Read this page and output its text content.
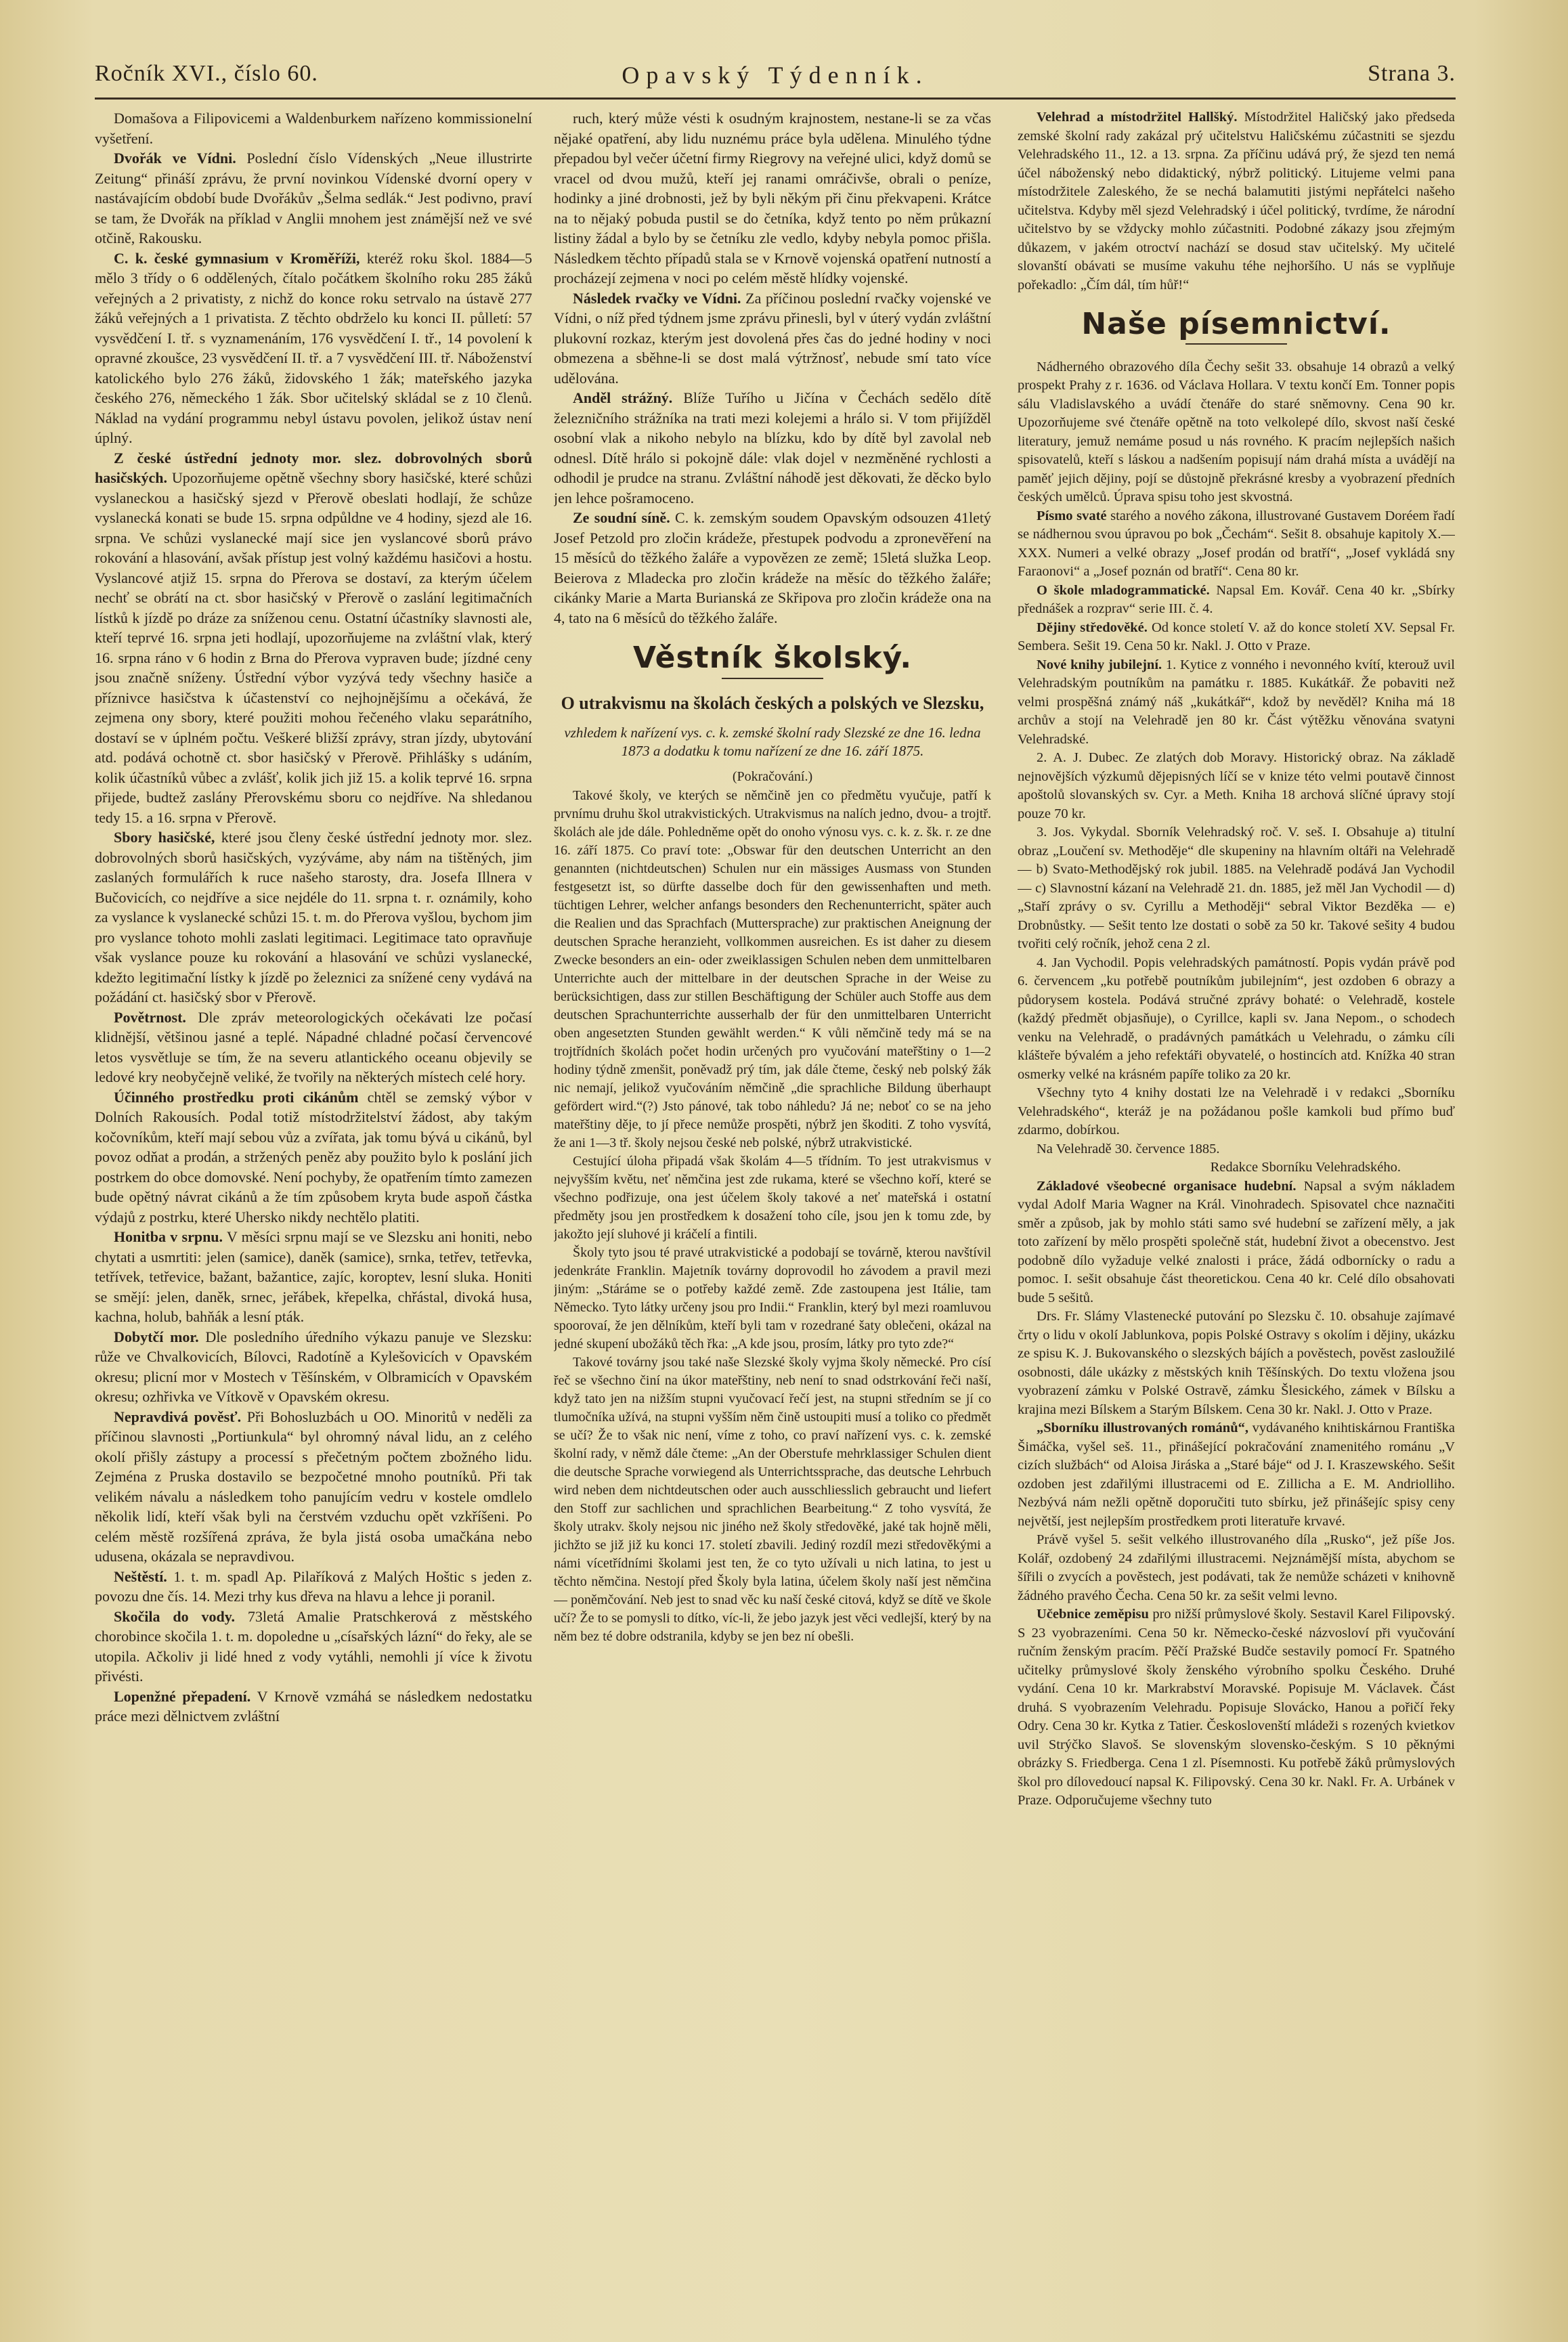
Ročník XVI., číslo 60.	Opavský Týdenník.	Strana 3.

Domašova a Filipovicemi a Waldenburkem nařízeno kommissionelní vyšetření.

Dvořák ve Vídni. Poslední číslo Vídenských „Neue illustrirte Zeitung“ přináší zprávu, že první novinkou Vídenské dvorní opery v nastávajícím období bude Dvořákův „Šelma sedlák.“ Jest podivno, praví se tam, že Dvořák na příklad v Anglii mnohem jest známější než ve své otčině, Rakousku.

C. k. české gymnasium v Kroměříži, kteréž roku škol. 1884—5 mělo 3 třídy o 6 oddělených, čítalo počátkem školního roku 285 žáků veřejných a 2 privatisty, z nichž do konce roku setrvalo na ústavě 277 žáků veřejných a 1 privatista. Z těchto obdrželo ku konci II. půlletí: 57 vysvědčení I. tř. s vyznamenáním, 176 vysvědčení I. tř., 14 povolení k opravné zkoušce, 23 vysvědčení II. tř. a 7 vysvědčení III. tř. Náboženství katolického bylo 276 žáků, židovského 1 žák; mateřského jazyka českého 276, německého 1 žák. Sbor učitelský skládal se z 10 členů. Náklad na vydání programmu nebyl ústavu povolen, jelikož ústav není úplný.

Z české ústřední jednoty mor. slez. dobrovolných sborů hasičských. Upozorňujeme opětně všechny sbory hasičské, které schůzi vyslaneckou a hasičský sjezd v Přerově obeslati hodlají, že schůze vyslanecká konati se bude 15. srpna odpůldne ve 4 hodiny, sjezd ale 16. srpna. Ve schůzi vyslanecké mají sice jen vyslancové sborů právo rokování a hlasování, avšak přístup jest volný každému hasičovi a hostu. Vyslancové atjiž 15. srpna do Přerova se dostaví, za kterým účelem nechť se obrátí na ct. sbor hasičský v Přerově o zaslání legitimačních lístků k jízdě po dráze za sníženou cenu. Ostatní účastníky slavnosti ale, kteří teprvé 16. srpna jeti hodlají, upozorňujeme na zvláštní vlak, který 16. srpna ráno v 6 hodin z Brna do Přerova vypraven bude; jízdné ceny jsou značně sníženy. Ústřední výbor vyzývá tedy všechny hasiče a příznivce hasičstva k účastenství co nejhojnějšímu a očekává, že zejmena ony sbory, které použiti mohou řečeného vlaku separátního, dostaví se v úplném počtu. Veškeré bližší zprávy, stran jízdy, ubytování atd. podává ochotně ct. sbor hasičský v Přerově. Přihlášky s udáním, kolik účastníků vůbec a zvlášť, kolik jich již 15. a kolik teprvé 16. srpna přijede, budtež zaslány Přerovskému sboru co nejdříve. Na shledanou tedy 15. a 16. srpna v Přerově.

Sbory hasičské, které jsou členy české ústřední jednoty mor. slez. dobrovolných sborů hasičských, vyzýváme, aby nám na tištěných, jim zaslaných formulářích k ruce našeho starosty, dra. Josefa Illnera v Bučovicích, co nejdříve a sice nejdéle do 11. srpna t. r. oznámily, koho za vyslance k vyslanecké schůzi 15. t. m. do Přerova vyšlou, bychom jim pro vyslance tohoto mohli zaslati legitimaci. Legitimace tato opravňuje však vyslance pouze ku rokování a hlasování ve schůzi vyslanecké, kdežto legitimační lístky k jízdě po železnici za snížené ceny vydává na požádání ct. hasičský sbor v Přerově.

Povětrnost. Dle zpráv meteorologických očekávati lze počasí klidnější, většinou jasné a teplé. Nápadné chladné počasí červencové letos vysvětluje se tím, že na severu atlantického oceanu objevily se ledové kry neobyčejně veliké, že tvořily na některých místech celé hory.

Účinného prostředku proti cikánům chtěl se zemský výbor v Dolních Rakousích. Podal totiž místodržitelství žádost, aby takým kočovníkům, kteří mají sebou vůz a zvířata, jak tomu bývá u cikánů, byl povoz odňat a prodán, a stržených peněz aby použito bylo k poslání jich postrkem do obce domovské. Není pochyby, že opatřením tímto zamezen bude opětný návrat cikánů a že tím způsobem kryta bude aspoň částka výdajů z postrku, které Uhersko nikdy nechtělo platiti.

Honitba v srpnu. V měsíci srpnu mají se ve Slezsku ani honiti, nebo chytati a usmrtiti: jelen (samice), daněk (samice), srnka, tetřev, tetřevka, tetřívek, tetřevice, bažant, bažantice, zajíc, koroptev, lesní sluka. Honiti se smějí: jelen, daněk, srnec, jeřábek, křepelka, chřástal, divoká husa, kachna, holub, bahňák a lesní pták.

Dobytčí mor. Dle posledního úředního výkazu panuje ve Slezsku: růže ve Chvalkovicích, Bílovci, Radotíně a Kylešovicích v Opavském okresu; plicní mor v Mostech v Těšínském, v Olbramicích v Opavském okresu; ozhřivka ve Vítkově v Opavském okresu.

Nepravdivá pověsť. Při Bohosluzbách u OO. Minoritů v neděli za příčinou slavnosti „Portiunkula“ byl ohromný nával lidu, an z celého okolí přišly zástupy a processí s přečetným počtem zbožného lidu. Zejména z Pruska dostavilo se bezpočetné mnoho poutníků. Při tak velikém návalu a následkem toho panujícím vedru v kostele omdlelo několik lidí, kteří však byli na čerstvém vzduchu opět vzkříšeni. Po celém městě rozšířená zpráva, že byla jistá osoba umačkána nebo udusena, okázala se nepravdivou.

Neštěstí. 1. t. m. spadl Ap. Pilaříková z Malých Hoštic s jeden z. povozu dne čís. 14. Mezi trhy kus dřeva na hlavu a lehce ji poranil.

Skočila do vody. 73letá Amalie Pratschkerová z městského chorobince skočila 1. t. m. dopoledne u „císařských lázní“ do řeky, ale se utopila. Ačkoliv ji lidé hned z vody vytáhli, nemohli jí více k životu přivésti.

Lopenžné přepadení. V Krnově vzmáhá se následkem nedostatku práce mezi dělnictvem zvláštní

ruch, který může vésti k osudným krajnostem, nestane-li se za včas nějaké opatření, aby lidu nuznému práce byla udělena. Minulého týdne přepadou byl večer účetní firmy Riegrovy na veřejné ulici, když domů se vracel od dvou mužů, kteří jej ranami omráčivše, obrali o peníze, hodinky a jiné drobnosti, jež by byli někým při činu překvapeni. Krátce na to nějaký pobuda pustil se do četníka, když tento po něm průkazní listiny žádal a bylo by se četníku zle vedlo, kdyby nebyla pomoc přišla. Následkem těchto případů stala se v Krnově vojenská opatření nutností a procházejí zejmena v noci po celém městě hlídky vojenské.

Následek rvačky ve Vídni. Za příčinou poslední rvačky vojenské ve Vídni, o níž před týdnem jsme zprávu přinesli, byl v úterý vydán zvláštní plukovní rozkaz, kterým jest dovolená přes čas do jedné hodiny v noci obmezena a sběhne-li se dost malá výtržnosť, nebude smí tato více udělována.

Anděl strážný. Blíže Tuřího u Jičína v Čechách sedělo dítě železničního strážníka na trati mezi kolejemi a hrálo si. V tom přijížděl osobní vlak a nikoho nebylo na blízku, kdo by dítě byl zavolal neb odnesl. Dítě hrálo si pokojně dále: vlak dojel v nezměněné rychlosti a odhodil je prudce na stranu. Zvláštní náhodě jest děkovati, že děcko bylo jen lehce pošramoceno.

Ze soudní síně. C. k. zemským soudem Opavským odsouzen 41letý Josef Petzold pro zločin krádeže, přestupek podvodu a zpronevěření na 15 měsíců do těžkého žaláře a vypovězen ze země; 15letá služka Leop. Beierova z Mladecka pro zločin krádeže na měsíc do těžkého žaláře; cikánky Marie a Marta Burianská ze Skřipova pro zločin krádeže ona na 4, tato na 6 měsíců do těžkého žaláře.

Věstník školský.
O utrakvismu na školách českých a polských ve Slezsku,
vzhledem k nařízení vys. c. k. zemské školní rady Slezské ze dne 16. ledna 1873 a dodatku k tomu nařízení ze dne 16. září 1875.

(Pokračování.)

Takové školy, ve kterých se němčině jen co předmětu vyučuje, patří k prvnímu druhu škol utrakvistických. Utrakvismus na nalích jedno, dvou- a trojtř. školách ale jde dále. Pohledněme opět do onoho výnosu vys. c. k. z. šk. r. ze dne 16. září 1875. Co praví tote: „Obswar für den deutschen Unterricht an den genannten (nichtdeutschen) Schulen nur ein mässiges Ausmass von Stunden festgesetzt ist, so dürfte dasselbe doch für den gewissenhaften und meth. tüchtigen Lehrer, welcher anfangs besonders den Rechenunterricht, später auch die Realien und das Sprachfach (Muttersprache) zur praktischen Aneignung der deutschen Sprache heranzieht, vollkommen ausreichen. Es ist daher zu diesem Zwecke besonders an ein- oder zweiklassigen Schulen neben dem unmittelbaren Unterrichte auch der mittelbare in der deutschen Sprache in der Weise zu berücksichtigen, dass zur stillen Beschäftigung der Schüler auch Stoffe aus dem deutschen Sprachunterrichte ausserhalb der für den unmittelbaren Unterricht oben angesetzten Stunden gewählt werden.“ K vůli němčině tedy má se na trojtřídních školách počet hodin určených pro vyučování mateřštiny o 1—2 hodiny týdně zmenšit, poněvadž prý tím, jak dále čteme, český neb polský žák nic nemají, jelikož vyučováním němčině „die sprachliche Bildung überhaupt gefördert wird.“(?) Jsto pánové, tak tobo náhledu? Já ne; neboť co se na jeho mateřštiny děje, to jí přece nemůže prospěti, nýbrž jen škoditi. Z toho vysvítá, že ani 1—3 tř. školy nejsou české neb polské, nýbrž utrakvistické.

Cestující úloha připadá však školám 4—5 třídním. To jest utrakvismus v nejvyšším květu, neť němčina jest zde rukama, které se všechno koří, které se všechno podřizuje, ona jest účelem školy takové a neť mateřská i ostatní předměty jsou jen prostředkem k dosažení toho cíle, jsou jen k tomu zde, by jakožto její sluhové ji kráčelí a fintili.

Školy tyto jsou té pravé utrakvistické a podobají se továrně, kterou navštívil jedenkráte Franklin. Majetník továrny doprovodil ho závodem a pravil mezi jiným: „Stáráme se o potřeby každé země. Zde zastoupena jest Itálie, tam Německo. Tyto látky určeny jsou pro Indii.“ Franklin, který byl mezi roamluvou spoorovaí, že jen dělníkům, kteří byli tam v rozedrané šaty oblečeni, okázal na jedné skupení ubožáků těch řka: „A kde jsou, prosím, látky pro tyto zde?“

Takové továrny jsou také naše Slezské školy vyjma školy německé. Pro císí řeč se všechno činí na úkor mateřštiny, neb není to snad odstrkování řeči naší, když tato jen na nižším stupni vyučovací řečí jest, na stupni středním se jí co tlumočníka užívá, na stupni vyšším něm čině ustoupiti musí a toliko co předmět se učí? Že to však nic není, víme z toho, co praví nařízení vys. c. k. zemské školní rady, v němž dále čteme: „An der Oberstufe mehrklassiger Schulen dient die deutsche Sprache vorwiegend als Unterrichtssprache, das deutsche Lehrbuch wird neben dem nichtdeutschen oder auch ausschliesslich gebraucht und liefert den Stoff zur sachlichen und sprachlichen Bearbeitung.“ Z toho vysvítá, že školy utrakv. školy nejsou nic jiného než školy středověké, jaké tak hojně měli, jichžto se již již ku konci 17. století zbavili. Jediný rozdíl mezi středověkými a námi vícetřídními školami jest ten, že co tyto užívali u nich latina, to jest u těchto němčina. Nestojí před Školy byla latina, účelem školy naší jest němčina — poněmčování. Neb jest to snad věc ku naší české citová, když se dítě ve škole učí? Že to se pomysli to dítko, víc-li, že jebo jazyk jest věci vedlejší, který by na něm bez té dobre odstranila, kdyby se jen bez ní obešli.

Velehrad a místodržitel Hallšký. Místodržitel Haličský jako předseda zemské školní rady zakázal prý učitelstvu Haličskému zúčastniti se sjezdu Velehradského 11., 12. a 13. srpna. Za příčinu udává prý, že sjezd ten nemá účel náboženský nebo didaktický, nýbrž politický. Litujeme velmi pana místodržitele Zaleského, že se nechá balamutiti jistými nepřátelci našeho učitelstva. Kdyby měl sjezd Velehradský i účel politický, tvrdíme, že národní učitelstvo by se vždycky mohlo zúčastniti. Podobné zákazy jsou zřejmým důkazem, v jakém otroctví nachází se dosud stav učitelský. My učitelé slovanští obávati se musíme vakuhu téhe nejhoršího. U nás se vyplňuje pořekadlo: „Čím dál, tím hůř!“

Naše písemnictví.

Nádherného obrazového díla Čechy sešit 33. obsahuje 14 obrazů a velký prospekt Prahy z r. 1636. od Václava Hollara. V textu končí Em. Tonner popis sálu Vladislavského a uvádí čtenáře do staré sněmovny. Cena 90 kr. Upozorňujeme své čtenáře opětně na toto velkolepé dílo, skvost naší české literatury, jemuž nemáme posud u nás rovného. K pracím nejlepších našich spisovatelů, kteří s láskou a nadšením popisují nám drahá místa a uvádějí na paměť jejich dějiny, pojí se důstojně překrásné kresby a vyobrazení předních českých umělců. Úprava spisu toho jest skvostná.

Písmo svaté starého a nového zákona, illustrované Gustavem Doréem řadí se nádhernou svou úpravou po bok „Čechám“. Sešit 8. obsahuje kapitoly X.—XXX. Numeri a velké obrazy „Josef prodán od bratří“, „Josef vykládá sny Faraonovi“ a „Josef poznán od bratří“. Cena 80 kr.

O škole mladogrammatické. Napsal Em. Kovář. Cena 40 kr. „Sbírky přednášek a rozprav“ serie III. č. 4.

Dějiny středověké. Od konce století V. až do konce století XV. Sepsal Fr. Sembera. Sešit 19. Cena 50 kr. Nakl. J. Otto v Praze.

Nové knihy jubilejní. 1. Kytice z vonného i nevonného kvítí, kterouž uvil Velehradským poutníkům na památku r. 1885. Kukátkář. Že pobaviti než velmi prospěšná známý náš „kukátkář“, kdož by nevěděl? Kniha má 18 archův a stojí na Velehradě jen 80 kr. Část výtěžku věnována svatyni Velehradské.

2. A. J. Dubec. Ze zlatých dob Moravy. Historický obraz. Na základě nejnovějších výzkumů dějepisných líčí se v knize této velmi poutavě činnost apoštolů slovanských sv. Cyr. a Meth. Kniha 18 archová slíčné úpravy stojí pouze 70 kr.

3. Jos. Vykydal. Sborník Velehradský roč. V. seš. I. Obsahuje a) titulní obraz „Loučení sv. Methoděje“ dle skupeniny na hlavním oltáři na Velehradě — b) Svato-Methodějský rok jubil. 1885. na Velehradě podává Jan Vychodil — c) Slavnostní kázaní na Velehradě 21. dn. 1885, jež měl Jan Vychodil — d) „Staří zprávy o sv. Cyrillu a Methoději“ sebral Viktor Bezděka — e) Drobnůstky. — Sešit tento lze dostati o sobě za 50 kr. Takové sešity 4 budou tvořiti celý ročník, jehož cena 2 zl.

4. Jan Vychodil. Popis velehradských památností. Popis vydán právě pod 6. červencem „ku potřebě poutníkům jubilejním“, jest ozdoben 6 obrazy a půdorysem kostela. Podává stručné zprávy bohaté: o Velehradě, kostele (každý předmět objasňuje), o Cyrillce, kapli sv. Jana Nepom., o schodech venku na Velehradě, o pradávných památkách u Velehradu, o zámku cíli klášteře bývalém a jeho refektáři obyvatelé, o hostincích atd. Knížka 40 stran osmerky velké na krásném papíře toliko za 20 kr.

Všechny tyto 4 knihy dostati lze na Velehradě i v redakci „Sborníku Velehradského“, kteráž je na požádanou pošle kamkoli bud přímo buď zdarmo, dobírkou.

Na Velehradě 30. července 1885.

Redakce Sborníku Velehradského.

Základové všeobecné organisace hudební. Napsal a svým nákladem vydal Adolf Maria Wagner na Král. Vinohradech. Spisovatel chce naznačiti směr a způsob, jak by mohlo státi samo své hudební se zařízení měly, a jak toto zařízení by mělo prospěti společně stát, hudební život a obecenstvo. Jest podobně dílo vyžaduje velké znalosti i práce, žádá odbornícky o radu a pomoc. I. sešit obsahuje část theoretickou. Cena 40 kr. Celé dílo obsahovati bude 5 sešitů.

Drs. Fr. Slámy Vlastenecké putování po Slezsku č. 10. obsahuje zajímavé črty o lidu v okolí Jablunkova, popis Polské Ostravy s okolím i dějiny, ukázku ze spisu K. J. Bukovanského o slezských bájích a pověstech, pověst zasloužilé osobnosti, dále ukázky z městských knih Těšínských. Do textu vložena jsou vyobrazení zámku v Polské Ostravě, zámku Šlesického, zámek v Bílsku a krajina mezi Bílskem a Starým Bílskem. Cena 30 kr. Nakl. J. Otto v Praze.

„Sborníku illustrovaných románů“, vydávaného knihtiskárnou Františka Šimáčka, vyšel seš. 11., přinášející pokračování znamenitého románu „V cizích službách“ od Aloisa Jiráska a „Staré báje“ od J. I. Kraszewského. Sešit ozdoben jest zdařilými illustracemi od E. Zillicha a E. M. Andriolliho. Nezbývá nám nežli opětně doporučiti tuto sbírku, jež přinášejíc spisy ceny největší, jest nejlepším prostředkem proti literatuře krvavé.

Právě vyšel 5. sešit velkého illustrovaného díla „Rusko“, jež píše Jos. Kolář, ozdobený 24 zdařilými illustracemi. Nejznámější místa, abychom se šířili o zvycích a pověstech, jest podávati, tak že nemůže scházeti v knihovně žádného pravého Čecha. Cena 50 kr. za sešit velmi levno.

Učebnice zeměpisu pro nižší průmyslové školy. Sestavil Karel Filipovský. S 23 vyobrazeními. Cena 50 kr. Německo-české názvosloví při vyučování ručním ženským pracím. Pěčí Pražské Budče sestavily pomocí Fr. Spatného učitelky průmyslové školy ženského výrobního spolku Českého. Druhé vydání. Cena 10 kr. Markrabství Moravské. Popisuje M. Václavek. Část druhá. S vyobrazením Velehradu. Popisuje Slovácko, Hanou a pořičí řeky Odry. Cena 30 kr. Kytka z Tatier. Českoslovenští mládeži s rozených kvietkov uvil Strýčko Slavoš. Se slovenským slovensko-českým. S 10 pěknými obrázky S. Friedberga. Cena 1 zl. Písemnosti. Ku potřebě žáků průmyslových škol pro dílovedoucí napsal K. Filipovský. Cena 30 kr. Nakl. Fr. A. Urbánek v Praze. Odporučujeme všechny tuto
